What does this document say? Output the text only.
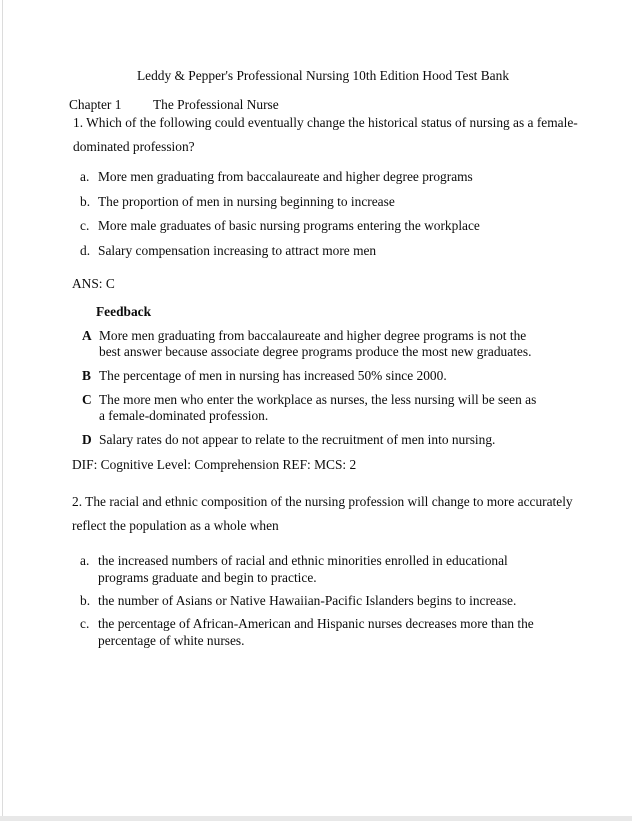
Leddy & Pepper's Professional Nursing 10th Edition Hood Test Bank
Chapter 1 The Professional Nurse
1. Which of the following could eventually change the historical status of nursing as a female-
dominated profession?
a. More men graduating from baccalaureate and higher degree programs
b. The proportion of men in nursing beginning to increase
c. More male graduates of basic nursing programs entering the workplace
d. Salary compensation increasing to attract more men
ANS: C
Feedback
A More men graduating from baccalaureate and higher degree programs is not the
best answer because associate degree programs produce the most new graduates.
B The percentage of men in nursing has increased 50% since 2000.
C The more men who enter the workplace as nurses, the less nursing will be seen as
a female-dominated profession.
D Salary rates do not appear to relate to the recruitment of men into nursing.
DIF: Cognitive Level: Comprehension REF: MCS: 2
2. The racial and ethnic composition of the nursing profession will change to more accurately
reflect the population as a whole when
a. the increased numbers of racial and ethnic minorities enrolled in educational
programs graduate and begin to practice.
b. the number of Asians or Native Hawaiian-Pacific Islanders begins to increase.
c. the percentage of African-American and Hispanic nurses decreases more than the
percentage of white nurses.
